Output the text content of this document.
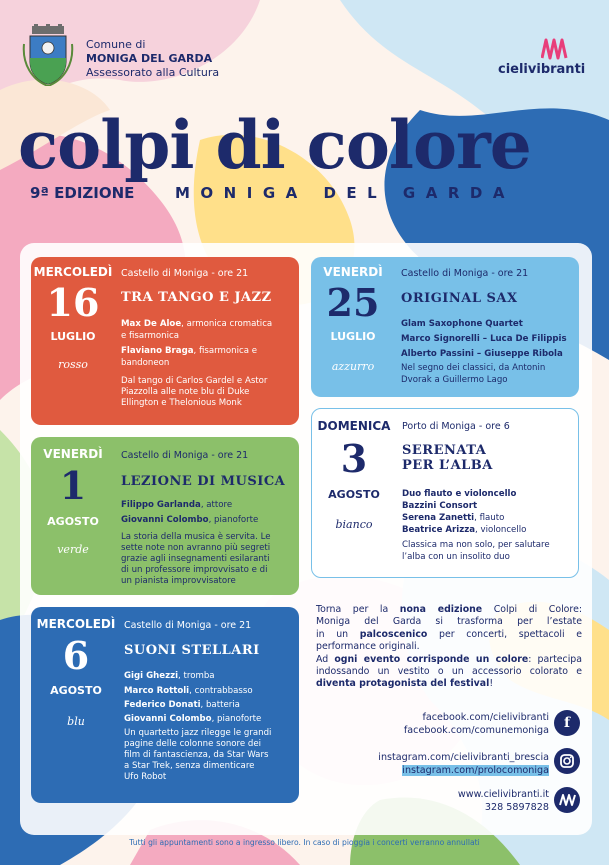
Comune di
MONIGA DEL GARDA
Assessorato alla Cultura	cielivibranti
colpi di colore
9ª EDIZIONE	MONIGA DEL GARDA
MERCOLEDÌ
16
LUGLIO
rosso
Castello di Moniga - ore 21
TRA TANGO E JAZZ
Max De Aloe, armonica cromatica
e fisarmonica
Flaviano Braga, fisarmonica e
bandoneon
Dal tango di Carlos Gardel e Astor
Piazzolla alle note blu di Duke
Ellington e Thelonious Monk
VENERDÌ
25
LUGLIO
azzurro
Castello di Moniga - ore 21
ORIGINAL SAX
Glam Saxophone Quartet
Marco Signorelli – Luca De Filippis
Alberto Passini – Giuseppe Ribola
Nel segno dei classici, da Antonin
Dvorak a Guillermo Lago
DOMENICA
3
AGOSTO
bianco
Porto di Moniga - ore 6
SERENATA
PER L’ALBA
Duo flauto e violoncello
Bazzini Consort
Serena Zanetti, flauto
Beatrice Arizza, violoncello
Classica ma non solo, per salutare
l’alba con un insolito duo
VENERDÌ
1
AGOSTO
verde
Castello di Moniga - ore 21
LEZIONE DI MUSICA
Filippo Garlanda, attore
Giovanni Colombo, pianoforte
La storia della musica è servita. Le
sette note non avranno più segreti
grazie agli insegnamenti esilaranti
di un professore improvvisato e di
un pianista improvvisatore
MERCOLEDÌ
6
AGOSTO
blu
Castello di Moniga - ore 21
SUONI STELLARI
Gigi Ghezzi, tromba
Marco Rottoli, contrabbasso
Federico Donati, batteria
Giovanni Colombo, pianoforte
Un quartetto jazz rilegge le grandi
pagine delle colonne sonore dei
film di fantascienza, da Star Wars
a Star Trek, senza dimenticare
Ufo Robot
Torna per la nona edizione Colpi di Colore:
Moniga del Garda si trasforma per l’estate
in un palcoscenico per concerti, spettacoli e
performance originali.
Ad ogni evento corrisponde un colore: partecipa
indossando un vestito o un accessorio colorato e
diventa protagonista del festival!
facebook.com/cielivibranti
facebook.com/comunemoniga	f
instagram.com/cielivibranti_brescia
instagram.com/prolocomoniga
www.cielivibranti.it
328 5897828
Tutti gli appuntamenti sono a ingresso libero. In caso di pioggia i concerti verranno annullati
